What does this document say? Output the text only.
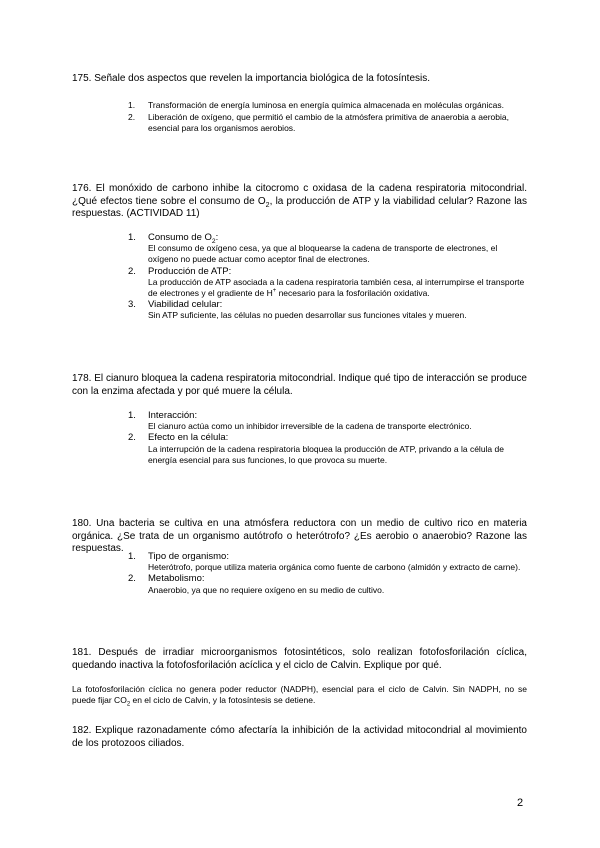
175. Señale dos aspectos que revelen la importancia biológica de la fotosíntesis.
1. Transformación de energía luminosa en energía química almacenada en moléculas orgánicas.
2. Liberación de oxígeno, que permitió el cambio de la atmósfera primitiva de anaerobia a aerobia, esencial para los organismos aerobios.
176. El monóxido de carbono inhibe la citocromo c oxidasa de la cadena respiratoria mitocondrial. ¿Qué efectos tiene sobre el consumo de $O_2$, la producción de ATP y la viabilidad celular? Razone las respuestas. (ACTIVIDAD 11)
1. Consumo de $O_2$:
El consumo de oxígeno cesa, ya que al bloquearse la cadena de transporte de electrones, el oxígeno no puede actuar como aceptor final de electrones.
2. Producción de ATP:
La producción de ATP asociada a la cadena respiratoria también cesa, al interrumpirse el transporte de electrones y el gradiente de H+ necesario para la fosforilación oxidativa.
3. Viabilidad celular:
Sin ATP suficiente, las células no pueden desarrollar sus funciones vitales y mueren.
178. El cianuro bloquea la cadena respiratoria mitocondrial. Indique qué tipo de interacción se produce con la enzima afectada y por qué muere la célula.
1. Interacción:
El cianuro actúa como un inhibidor irreversible de la cadena de transporte electrónico.
2. Efecto en la célula:
La interrupción de la cadena respiratoria bloquea la producción de ATP, privando a la célula de energía esencial para sus funciones, lo que provoca su muerte.
180. Una bacteria se cultiva en una atmósfera reductora con un medio de cultivo rico en materia orgánica. ¿Se trata de un organismo autótrofo o heterótrofo? ¿Es aerobio o anaerobio? Razone las respuestas.
1. Tipo de organismo:
Heterótrofo, porque utiliza materia orgánica como fuente de carbono (almidón y extracto de carne).
2. Metabolismo:
Anaerobio, ya que no requiere oxígeno en su medio de cultivo.
181. Después de irradiar microorganismos fotosintéticos, solo realizan fotofosforilación cíclica, quedando inactiva la fotofosforilación acíclica y el ciclo de Calvin. Explique por qué.
La fotofosforilación cíclica no genera poder reductor (NADPH), esencial para el ciclo de Calvin. Sin NADPH, no se puede fijar $CO_2$ en el ciclo de Calvin, y la fotosíntesis se detiene.
182. Explique razonadamente cómo afectaría la inhibición de la actividad mitocondrial al movimiento de los protozoos ciliados.
2
